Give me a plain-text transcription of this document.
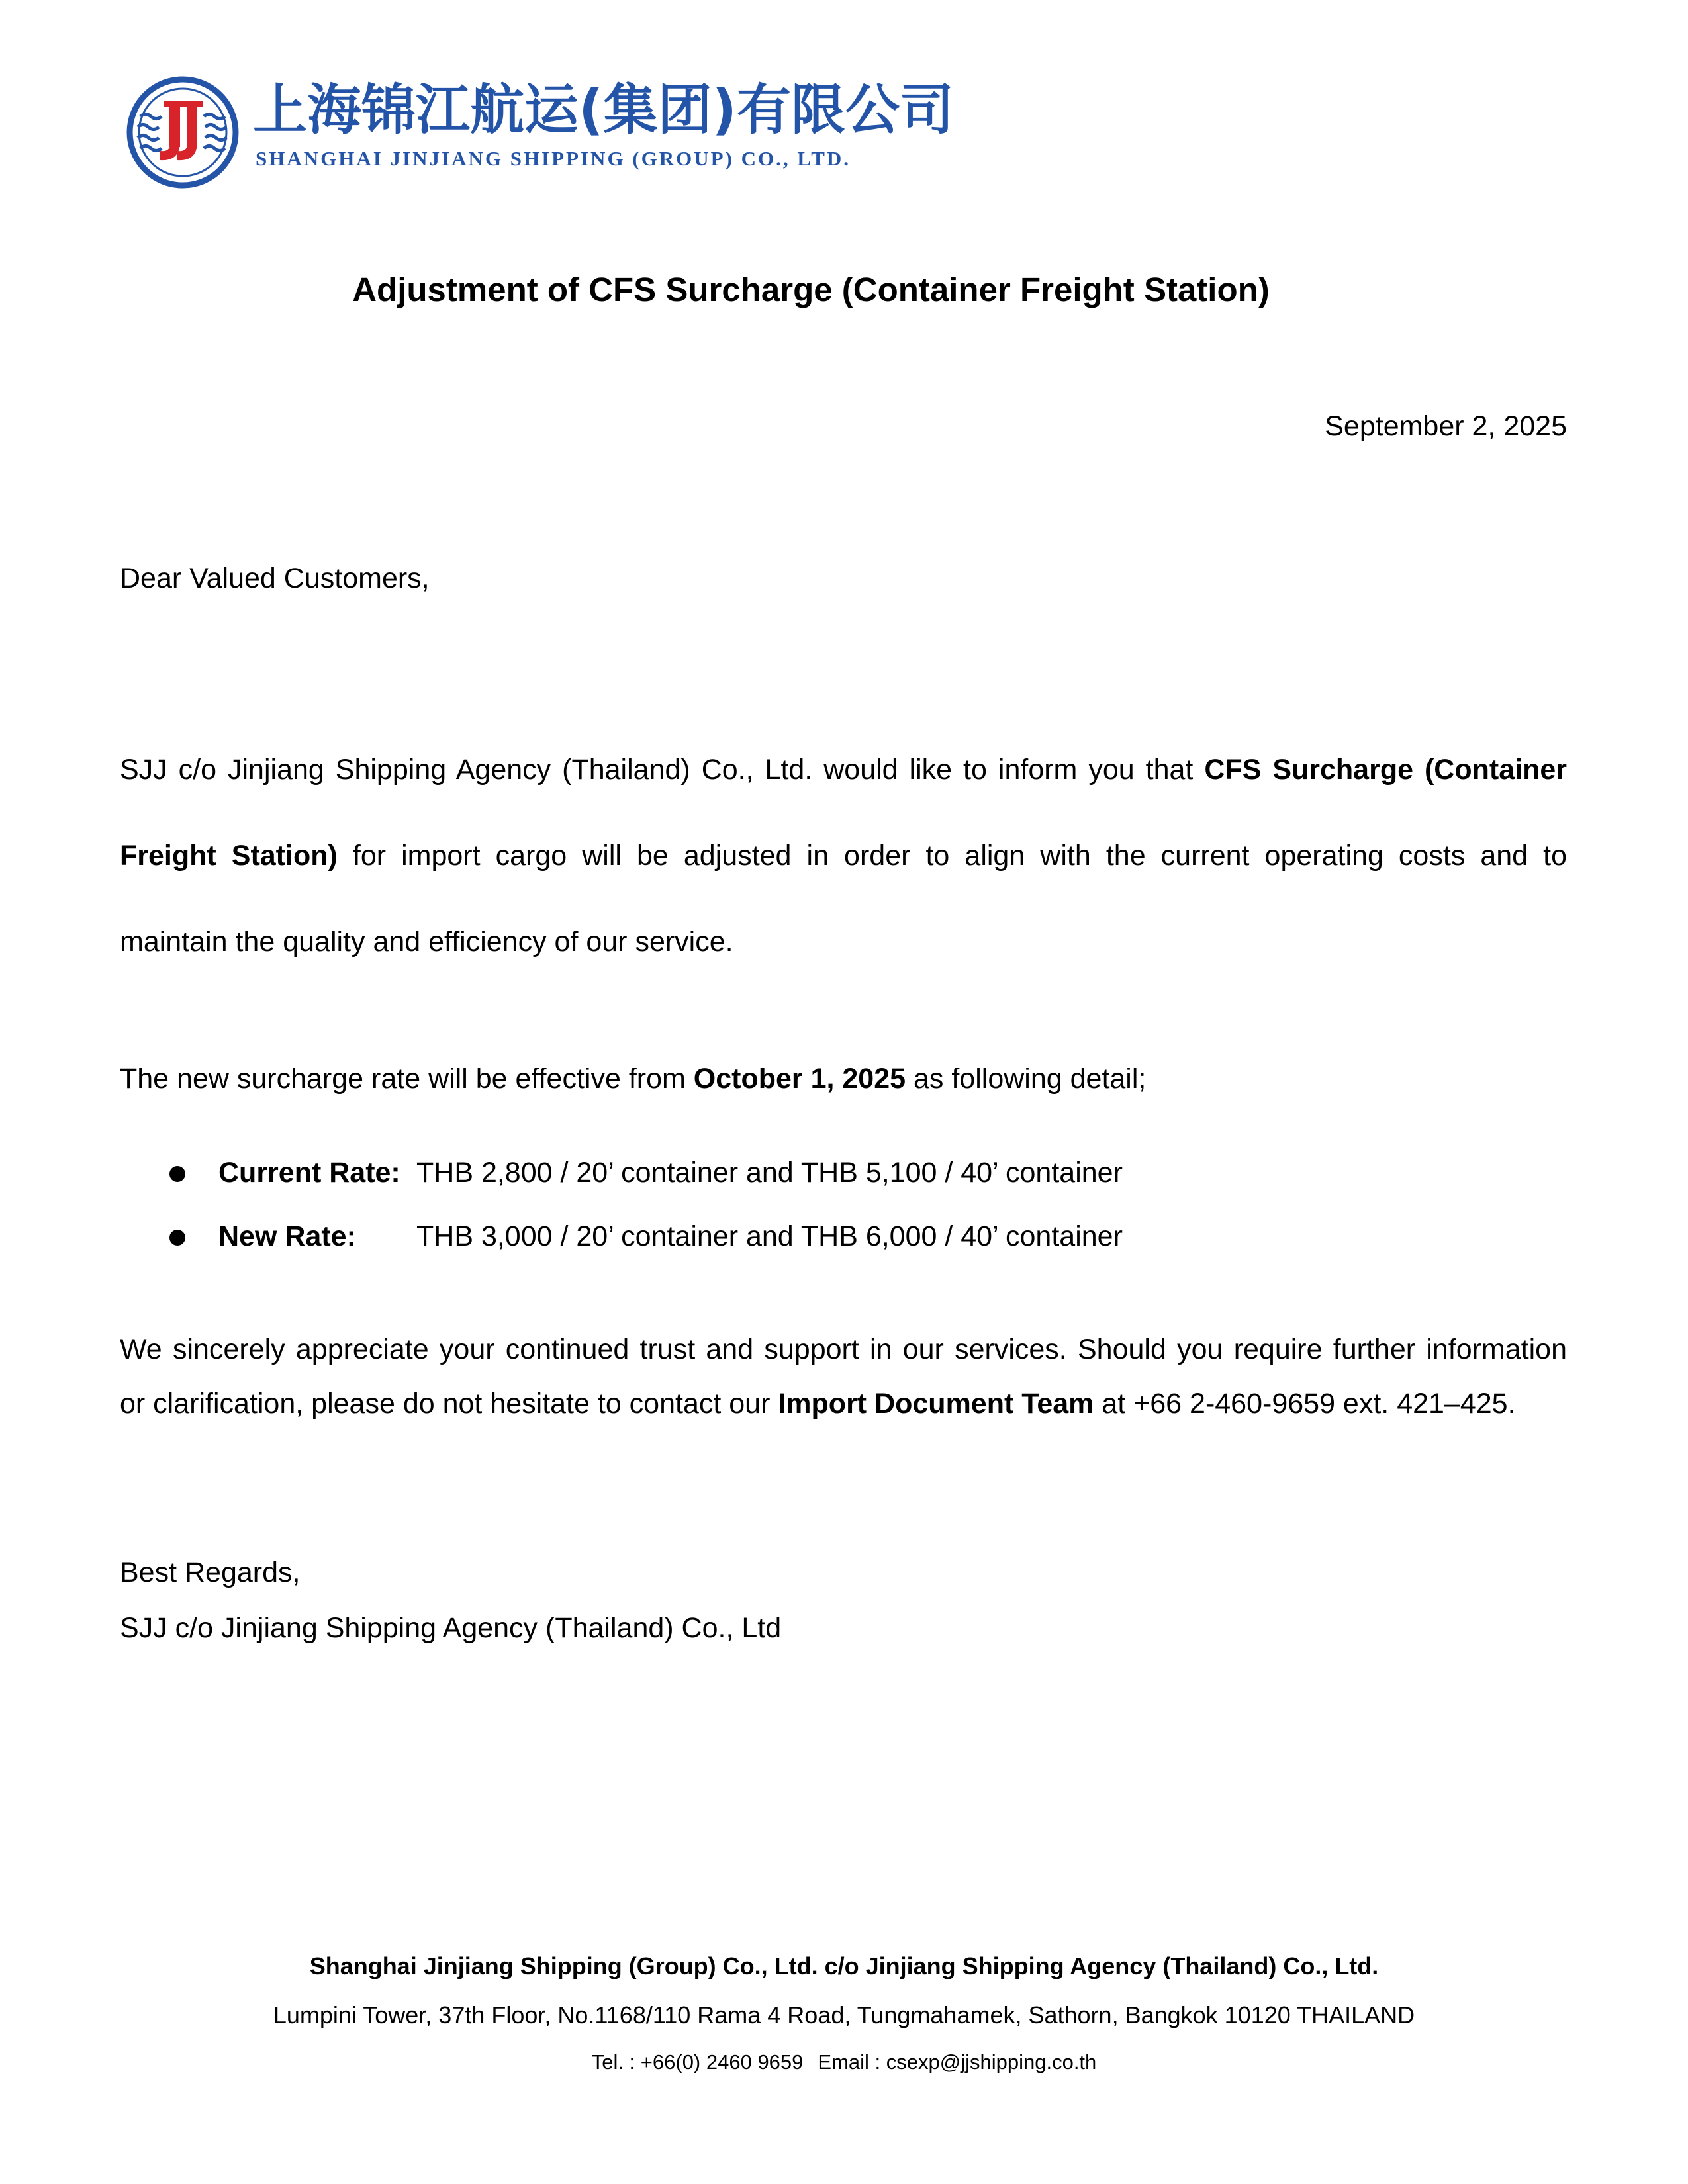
上海锦江航运(集团)有限公司
SHANGHAI JINJIANG SHIPPING (GROUP) CO., LTD.
Adjustment of CFS Surcharge (Container Freight Station)
September 2, 2025
Dear Valued Customers,

SJJ c/o Jinjiang Shipping Agency (Thailand) Co., Ltd. would like to inform you that CFS Surcharge (Container
Freight Station) for import cargo will be adjusted in order to align with the current operating costs and to
maintain the quality and efficiency of our service.

The new surcharge rate will be effective from October 1, 2025 as following detail;

Current Rate: THB 2,800 / 20’ container and THB 5,100 / 40’ container
New Rate: THB 3,000 / 20’ container and THB 6,000 / 40’ container

We sincerely appreciate your continued trust and support in our services. Should you require further information
or clarification, please do not hesitate to contact our Import Document Team at +66 2-460-9659 ext. 421–425.

Best Regards,
SJJ c/o Jinjiang Shipping Agency (Thailand) Co., Ltd
Shanghai Jinjiang Shipping (Group) Co., Ltd. c/o Jinjiang Shipping Agency (Thailand) Co., Ltd.
Lumpini Tower, 37th Floor, No.1168/110 Rama 4 Road, Tungmahamek, Sathorn, Bangkok 10120 THAILAND
Tel. : +66(0) 2460 9659 Email : csexp@jjshipping.co.th
